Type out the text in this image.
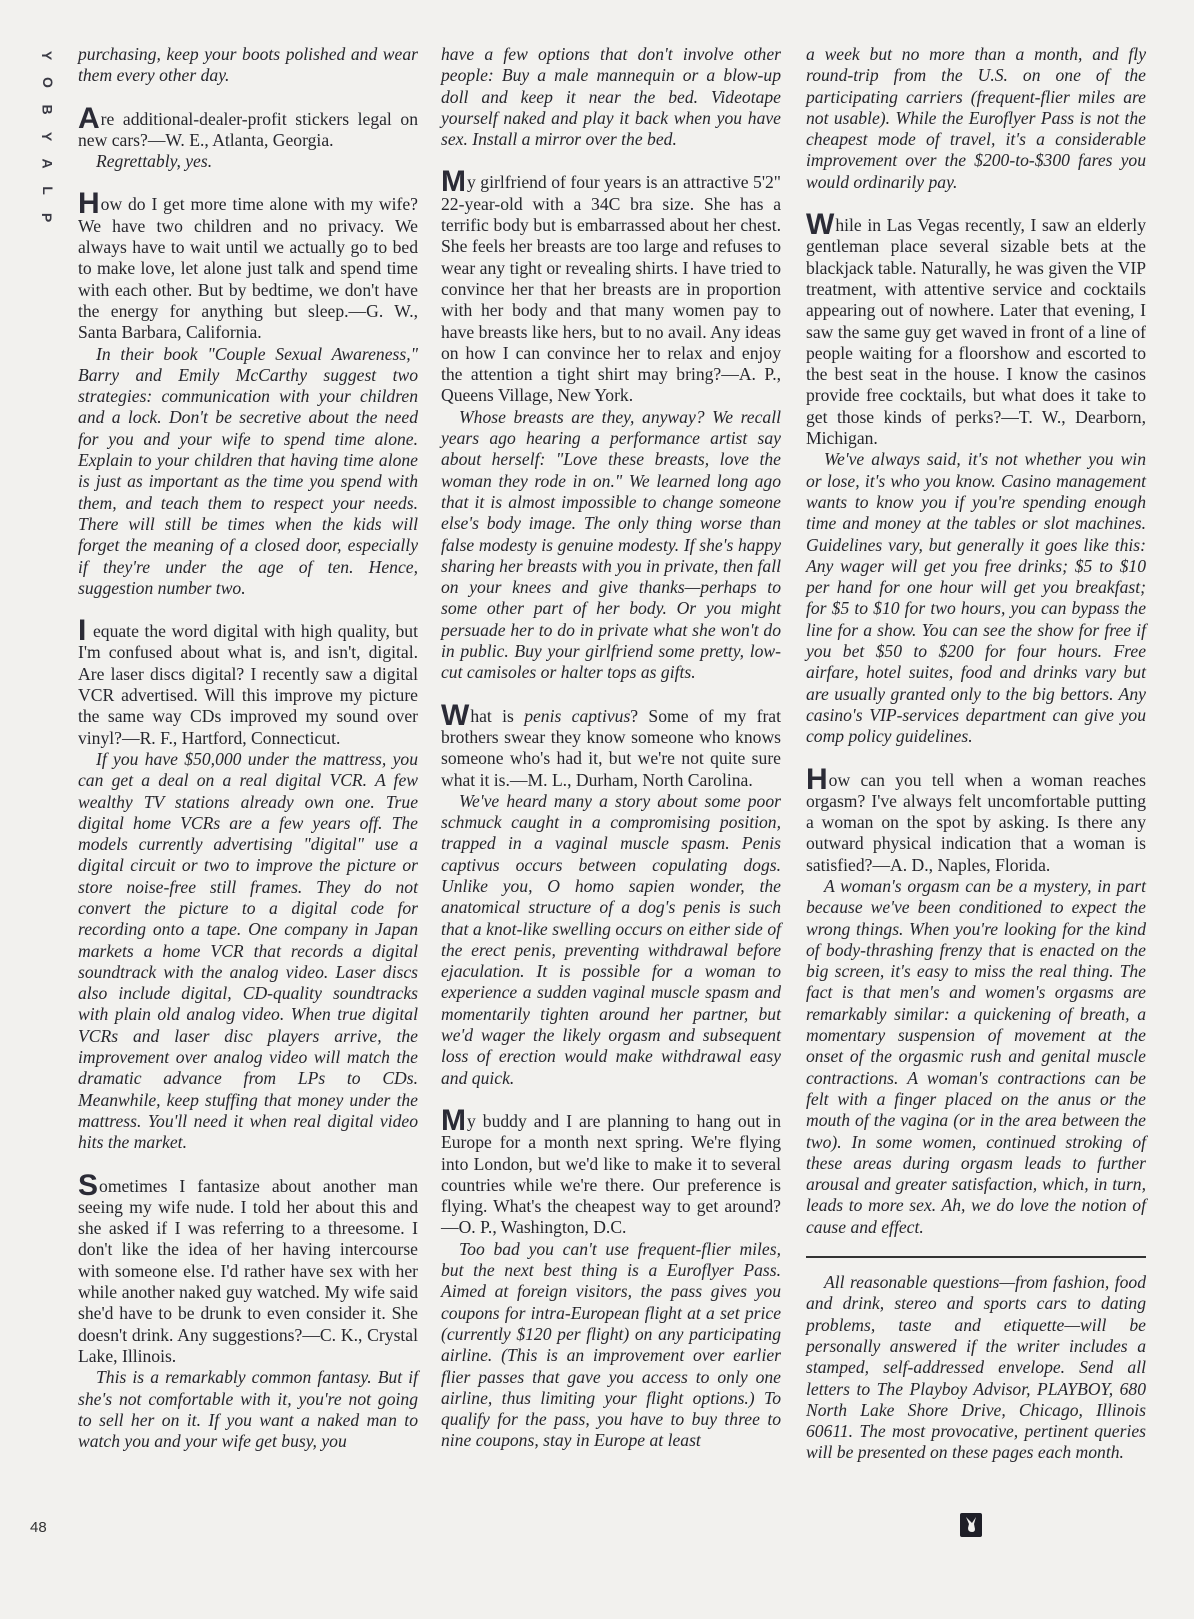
Y
O
B
Y
A
L
P

purchasing, keep your boots polished and wear them every other day.

Are additional-dealer-profit stickers legal on new cars?—W. E., Atlanta, Georgia.

Regrettably, yes.

How do I get more time alone with my wife? We have two children and no privacy. We always have to wait until we actually go to bed to make love, let alone just talk and spend time with each other. But by bedtime, we don't have the energy for anything but sleep.—G. W., Santa Barbara, California.

In their book "Couple Sexual Awareness," Barry and Emily McCarthy suggest two strategies: communication with your children and a lock. Don't be secretive about the need for you and your wife to spend time alone. Explain to your children that having time alone is just as important as the time you spend with them, and teach them to respect your needs. There will still be times when the kids will forget the meaning of a closed door, especially if they're under the age of ten. Hence, suggestion number two.

I equate the word digital with high quality, but I'm confused about what is, and isn't, digital. Are laser discs digital? I recently saw a digital VCR advertised. Will this improve my picture the same way CDs improved my sound over vinyl?—R. F., Hartford, Connecticut.

If you have $50,000 under the mattress, you can get a deal on a real digital VCR. A few wealthy TV stations already own one. True digital home VCRs are a few years off. The models currently advertising "digital" use a digital circuit or two to improve the picture or store noise-free still frames. They do not convert the picture to a digital code for recording onto a tape. One company in Japan markets a home VCR that records a digital soundtrack with the analog video. Laser discs also include digital, CD-quality soundtracks with plain old analog video. When true digital VCRs and laser disc players arrive, the improvement over analog video will match the dramatic advance from LPs to CDs. Meanwhile, keep stuffing that money under the mattress. You'll need it when real digital video hits the market.

Sometimes I fantasize about another man seeing my wife nude. I told her about this and she asked if I was referring to a threesome. I don't like the idea of her having intercourse with someone else. I'd rather have sex with her while another naked guy watched. My wife said she'd have to be drunk to even consider it. She doesn't drink. Any suggestions?—C. K., Crystal Lake, Illinois.

This is a remarkably common fantasy. But if she's not comfortable with it, you're not going to sell her on it. If you want a naked man to watch you and your wife get busy, you

have a few options that don't involve other people: Buy a male mannequin or a blow-up doll and keep it near the bed. Videotape yourself naked and play it back when you have sex. Install a mirror over the bed.

My girlfriend of four years is an attractive 5'2" 22-year-old with a 34C bra size. She has a terrific body but is embarrassed about her chest. She feels her breasts are too large and refuses to wear any tight or revealing shirts. I have tried to convince her that her breasts are in proportion with her body and that many women pay to have breasts like hers, but to no avail. Any ideas on how I can convince her to relax and enjoy the attention a tight shirt may bring?—A. P., Queens Village, New York.

Whose breasts are they, anyway? We recall years ago hearing a performance artist say about herself: "Love these breasts, love the woman they rode in on." We learned long ago that it is almost impossible to change someone else's body image. The only thing worse than false modesty is genuine modesty. If she's happy sharing her breasts with you in private, then fall on your knees and give thanks—perhaps to some other part of her body. Or you might persuade her to do in private what she won't do in public. Buy your girlfriend some pretty, low-cut camisoles or halter tops as gifts.

What is penis captivus? Some of my frat brothers swear they know someone who knows someone who's had it, but we're not quite sure what it is.—M. L., Durham, North Carolina.

We've heard many a story about some poor schmuck caught in a compromising position, trapped in a vaginal muscle spasm. Penis captivus occurs between copulating dogs. Unlike you, O homo sapien wonder, the anatomical structure of a dog's penis is such that a knot-like swelling occurs on either side of the erect penis, preventing withdrawal before ejaculation. It is possible for a woman to experience a sudden vaginal muscle spasm and momentarily tighten around her partner, but we'd wager the likely orgasm and subsequent loss of erection would make withdrawal easy and quick.

My buddy and I are planning to hang out in Europe for a month next spring. We're flying into London, but we'd like to make it to several countries while we're there. Our preference is flying. What's the cheapest way to get around?—O. P., Washington, D.C.

Too bad you can't use frequent-flier miles, but the next best thing is a Euroflyer Pass. Aimed at foreign visitors, the pass gives you coupons for intra-European flight at a set price (currently $120 per flight) on any participating airline. (This is an improvement over earlier flier passes that gave you access to only one airline, thus limiting your flight options.) To qualify for the pass, you have to buy three to nine coupons, stay in Europe at least

a week but no more than a month, and fly round-trip from the U.S. on one of the participating carriers (frequent-flier miles are not usable). While the Euroflyer Pass is not the cheapest mode of travel, it's a considerable improvement over the $200-to-$300 fares you would ordinarily pay.

While in Las Vegas recently, I saw an elderly gentleman place several sizable bets at the blackjack table. Naturally, he was given the VIP treatment, with attentive service and cocktails appearing out of nowhere. Later that evening, I saw the same guy get waved in front of a line of people waiting for a floorshow and escorted to the best seat in the house. I know the casinos provide free cocktails, but what does it take to get those kinds of perks?—T. W., Dearborn, Michigan.

We've always said, it's not whether you win or lose, it's who you know. Casino management wants to know you if you're spending enough time and money at the tables or slot machines. Guidelines vary, but generally it goes like this: Any wager will get you free drinks; $5 to $10 per hand for one hour will get you breakfast; for $5 to $10 for two hours, you can bypass the line for a show. You can see the show for free if you bet $50 to $200 for four hours. Free airfare, hotel suites, food and drinks vary but are usually granted only to the big bettors. Any casino's VIP-services department can give you comp policy guidelines.

How can you tell when a woman reaches orgasm? I've always felt uncomfortable putting a woman on the spot by asking. Is there any outward physical indication that a woman is satisfied?—A. D., Naples, Florida.

A woman's orgasm can be a mystery, in part because we've been conditioned to expect the wrong things. When you're looking for the kind of body-thrashing frenzy that is enacted on the big screen, it's easy to miss the real thing. The fact is that men's and women's orgasms are remarkably similar: a quickening of breath, a momentary suspension of movement at the onset of the orgasmic rush and genital muscle contractions. A woman's contractions can be felt with a finger placed on the anus or the mouth of the vagina (or in the area between the two). In some women, continued stroking of these areas during orgasm leads to further arousal and greater satisfaction, which, in turn, leads to more sex. Ah, we do love the notion of cause and effect.

All reasonable questions—from fashion, food and drink, stereo and sports cars to dating problems, taste and etiquette—will be personally answered if the writer includes a stamped, self-addressed envelope. Send all letters to The Playboy Advisor, PLAYBOY, 680 North Lake Shore Drive, Chicago, Illinois 60611. The most provocative, pertinent queries will be presented on these pages each month.

48
